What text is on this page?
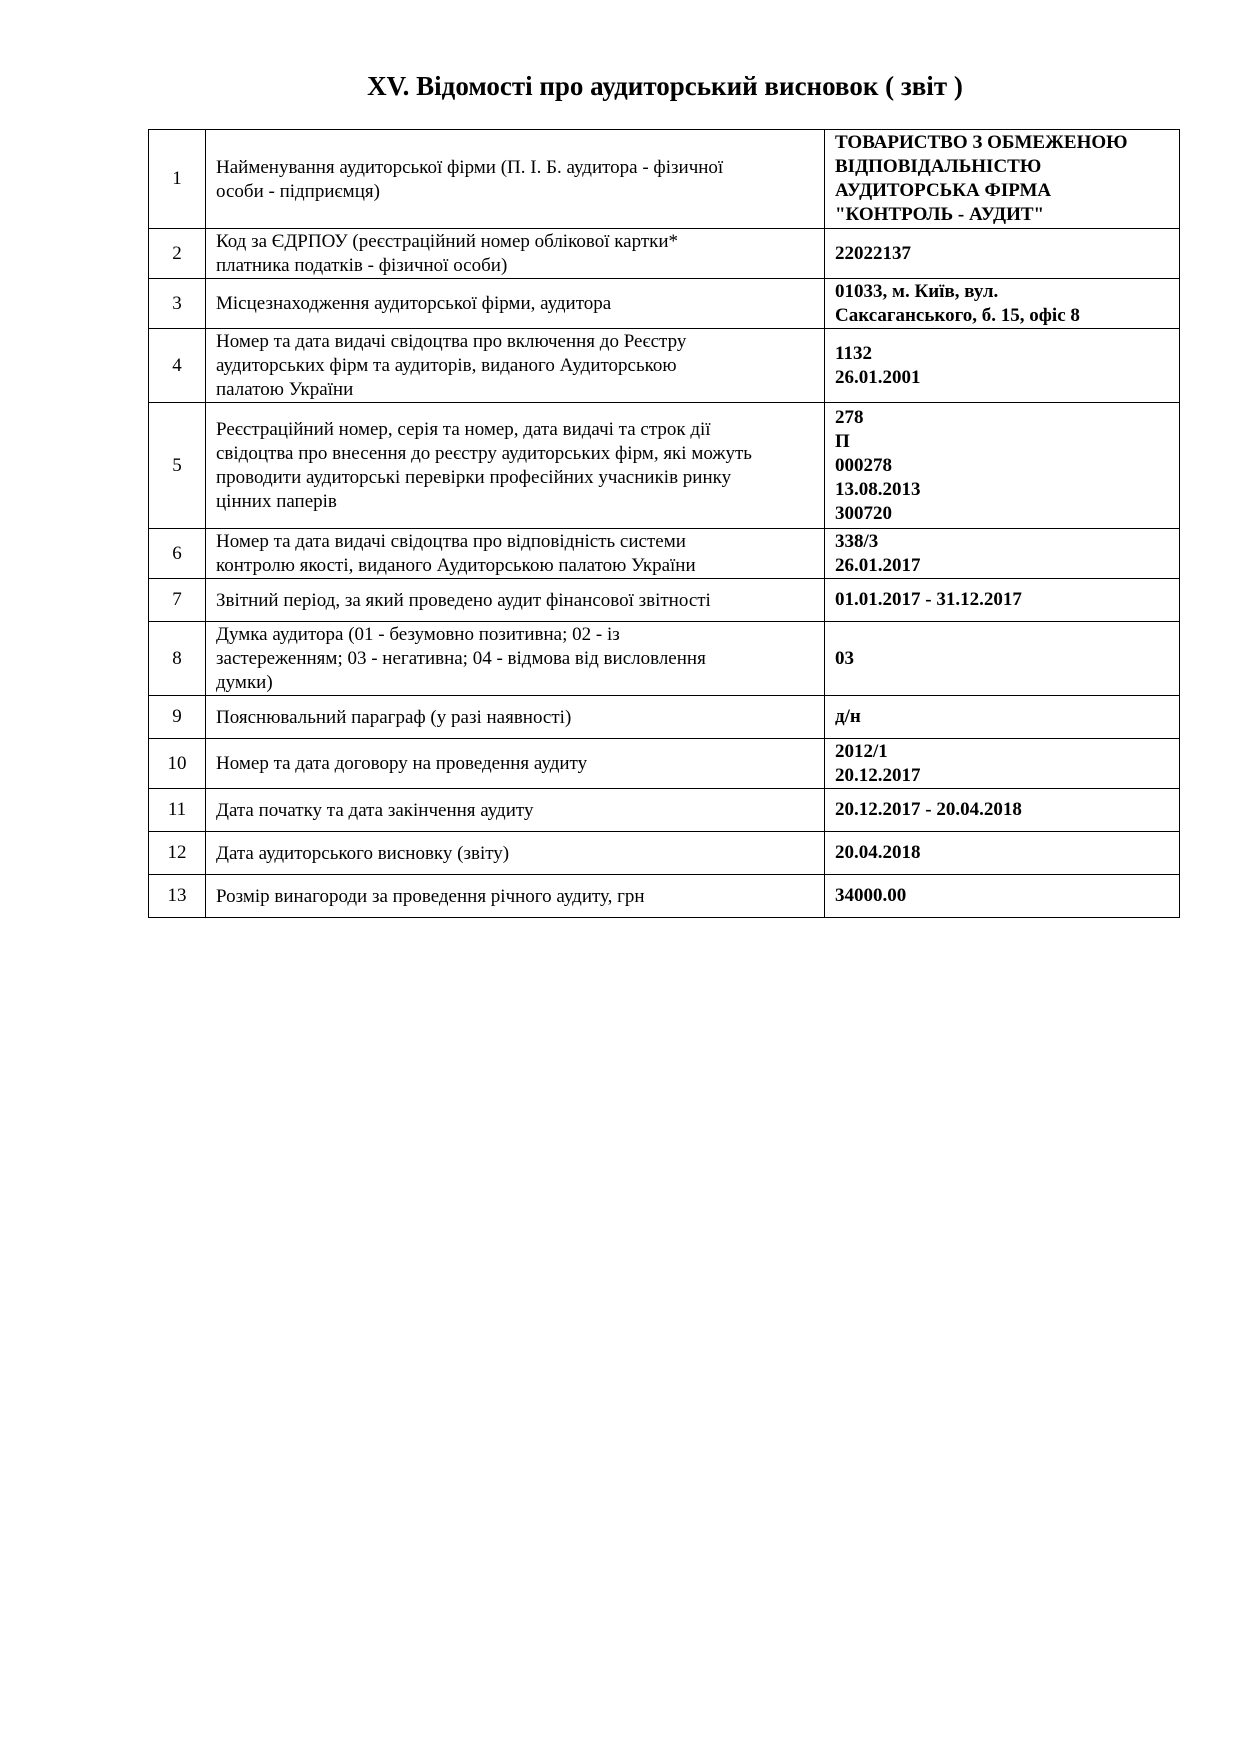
XV. Відомості про аудиторський висновок ( звіт )
1	Найменування аудиторської фірми (П. І. Б. аудитора - фізичної
особи - підприємця)	ТОВАРИСТВО З ОБМЕЖЕНОЮ
ВІДПОВІДАЛЬНІСТЮ
АУДИТОРСЬКА ФІРМА
"КОНТРОЛЬ - АУДИТ"

2	Код за ЄДРПОУ (реєстраційний номер облікової картки*
платника податків - фізичної особи)	22022137

3	Місцезнаходження аудиторської фірми, аудитора	01033, м. Київ, вул.
Саксаганського, б. 15, офіс 8

4	Номер та дата видачі свідоцтва про включення до Реєстру
аудиторських фірм та аудиторів, виданого Аудиторською
палатою України	1132
26.01.2001

5	Реєстраційний номер, серія та номер, дата видачі та строк дії
свідоцтва про внесення до реєстру аудиторських фірм, які можуть
проводити аудиторські перевірки професійних учасників ринку
цінних паперів	278
П
000278
13.08.2013
300720

6	Номер та дата видачі свідоцтва про відповідність системи
контролю якості, виданого Аудиторською палатою України	338/3
26.01.2017

7	Звітний період, за який проведено аудит фінансової звітності	01.01.2017 - 31.12.2017

8	Думка аудитора (01 - безумовно позитивна; 02 - із
застереженням; 03 - негативна; 04 - відмова від висловлення
думки)	03

9	Пояснювальний параграф (у разі наявності)	д/н

10	Номер та дата договору на проведення аудиту	2012/1
20.12.2017

11	Дата початку та дата закінчення аудиту	20.12.2017 - 20.04.2018

12	Дата аудиторського висновку (звіту)	20.04.2018

13	Розмір винагороди за проведення річного аудиту, грн	34000.00
